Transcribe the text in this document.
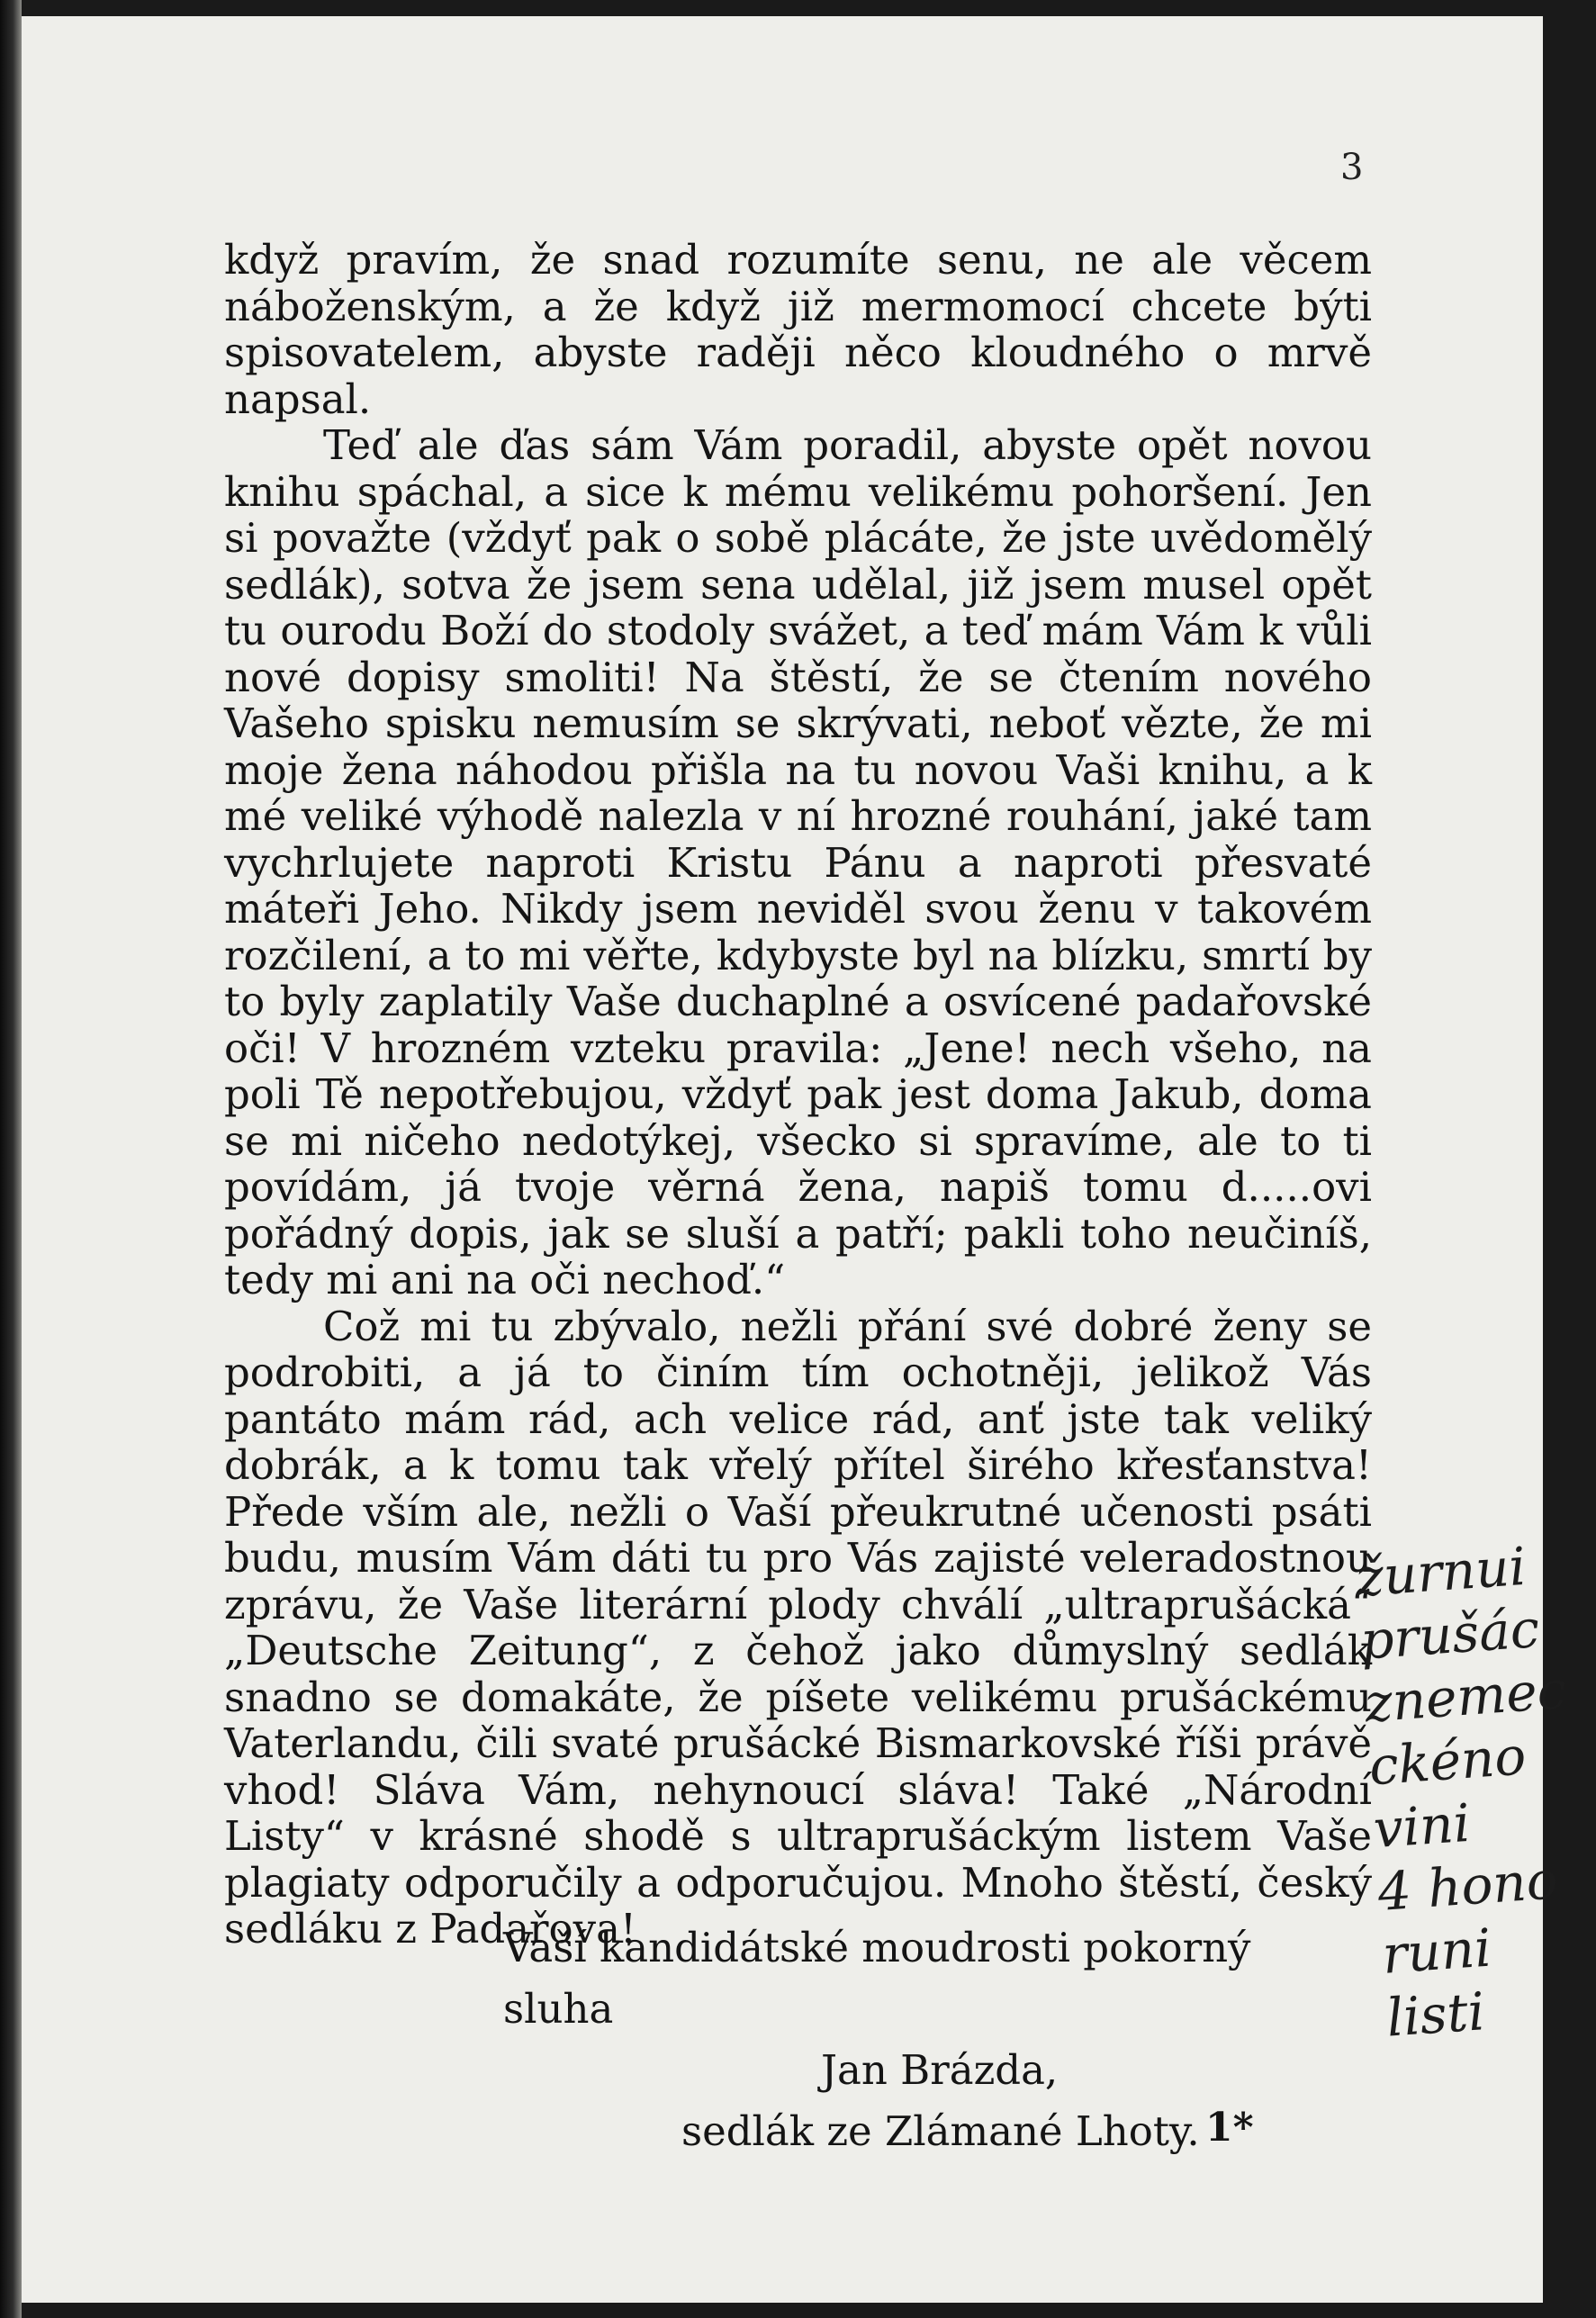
3

když pravím, že snad rozumíte senu, ne ale věcem náboženským, a že když již mermomocí chcete býti spisovatelem, abyste raději něco kloudného o mrvě napsal.

Teď ale ďas sám Vám poradil, abyste opět novou knihu spáchal, a sice k mému velikému pohoršení. Jen si považte (vždyť pak o sobě plácáte, že jste uvědomělý sedlák), sotva že jsem sena udělal, již jsem musel opět tu ourodu Boží do stodoly svážet, a teď mám Vám k vůli nové dopisy smoliti! Na štěstí, že se čtením nového Vašeho spisku nemusím se skrývati, neboť vězte, že mi moje žena náhodou přišla na tu novou Vaši knihu, a k mé veliké výhodě nalezla v ní hrozné rouhání, jaké tam vychrlujete naproti Kristu Pánu a naproti přesvaté mátеři Jeho. Nikdy jsem neviděl svou ženu v takovém rozčilení, a to mi věřte, kdybyste byl na blízku, smrtí by to byly zaplatily Vaše duchaplné a osvícené padařovské oči! V hrozném vzteku pravila: „Jene! nech všeho, na poli Tě nepotřebujou, vždyť pak jest doma Jakub, doma se mi ničeho nedotýkej, všecko si spravíme, ale to ti povídám, já tvoje věrná žena, napiš tomu d.....ovi pořádný dopis, jak se sluší a patří; pakli toho neučiníš, tedy mi ani na oči nechoď.“

Což mi tu zbývalo, nežli přání své dobré ženy se podrobiti, a já to činím tím ochotněji, jelikož Vás pantáto mám rád, ach velice rád, anť jste tak veliký dobrák, a k tomu tak vřelý přítel širého křesťanstva! Přede vším ale, nežli o Vaší přeukrutné učenosti psáti budu, musím Vám dáti tu pro Vás zajisté veleradostnou zprávu, že Vaše literární plody chválí „ultraprušácká“ „Deutsche Zeitung“, z čehož jako důmyslný sedlák snadno se domakáte, že píšete velikému prušáckému Vaterlandu, čili svaté prušácké Bismarkovské říši právě vhod! Sláva Vám, nehynoucí sláva! Také „Národní Listy“ v krásné shodě s ultraprušáckým listem Vaše plagiaty odporučily a odporučujou. Mnoho štěstí, český sedláku z Padařova!

Vaší kandidátské moudrosti pokorný sluha
Jan Brázda,
sedlák ze Zlámané Lhoty. 1*
žurnui
prušác
znemec
ckéno
vini
4 hono
runi
listi
